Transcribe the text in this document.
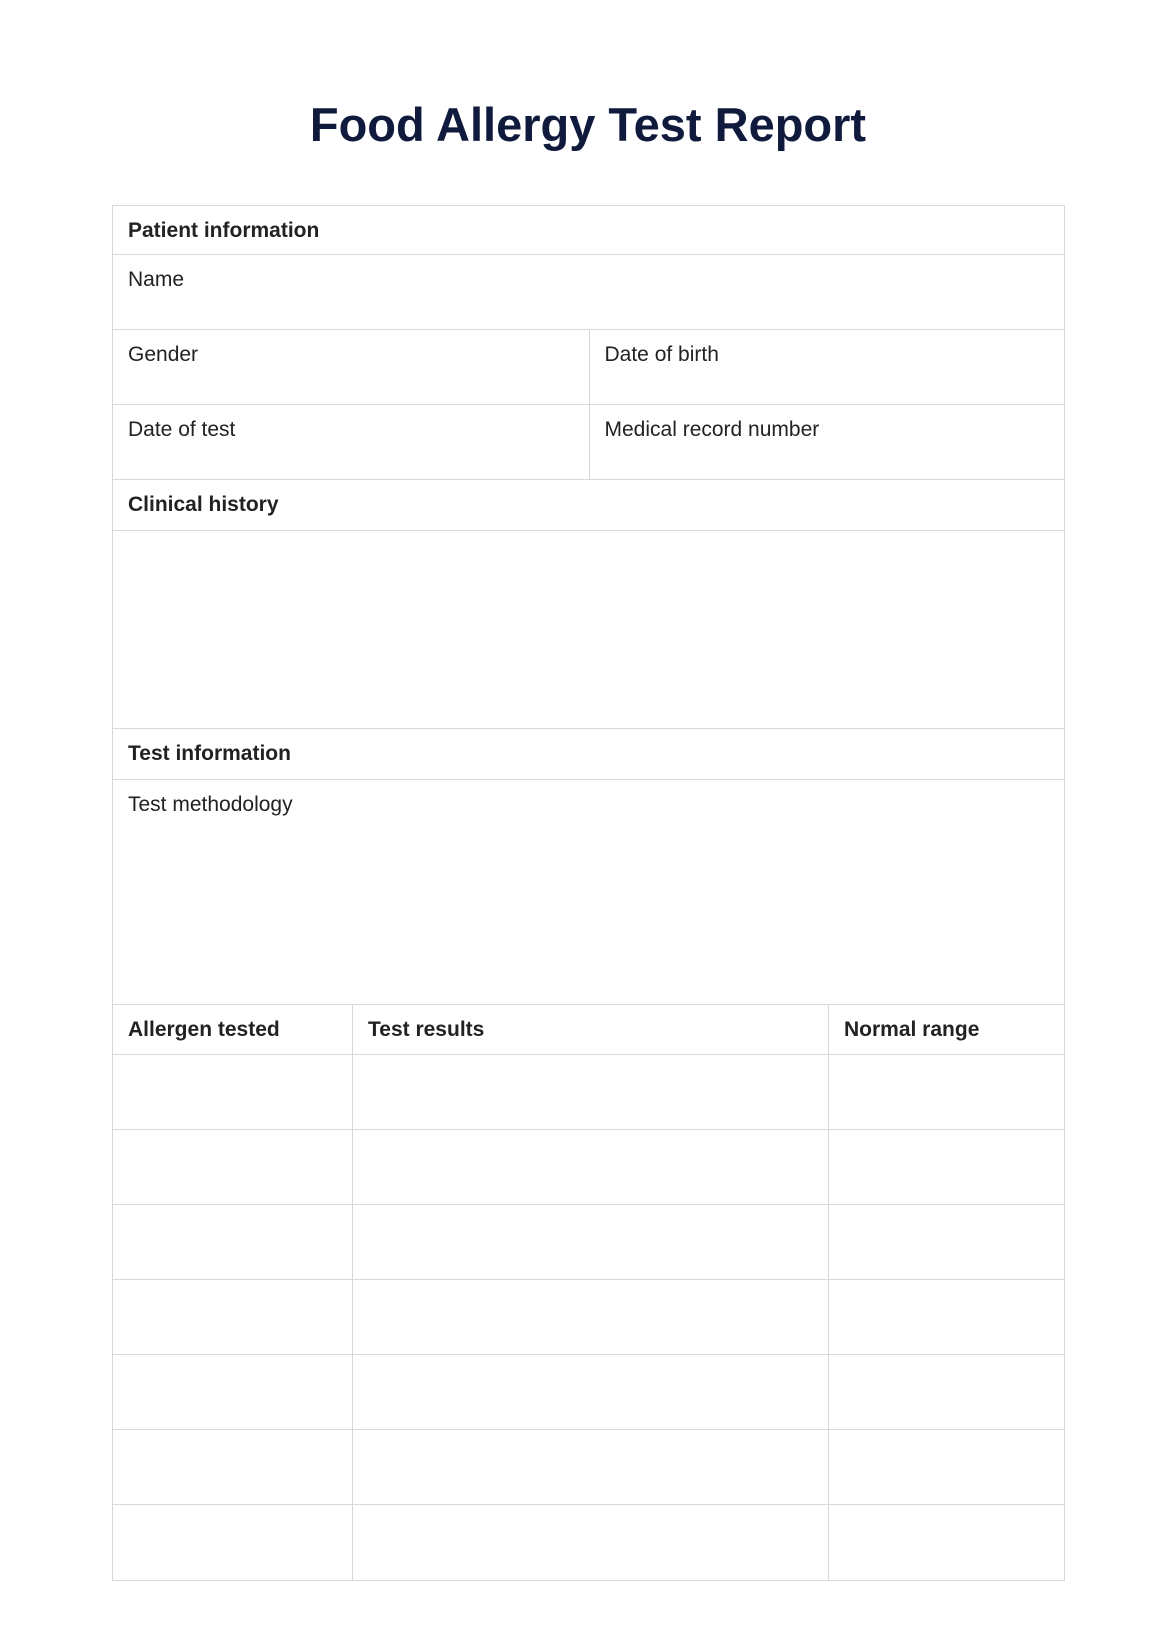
Food Allergy Test Report
Patient information
Name
Gender	Date of birth
Date of test	Medical record number
Clinical history
Test information
Test methodology
Allergen tested	Test results	Normal range
